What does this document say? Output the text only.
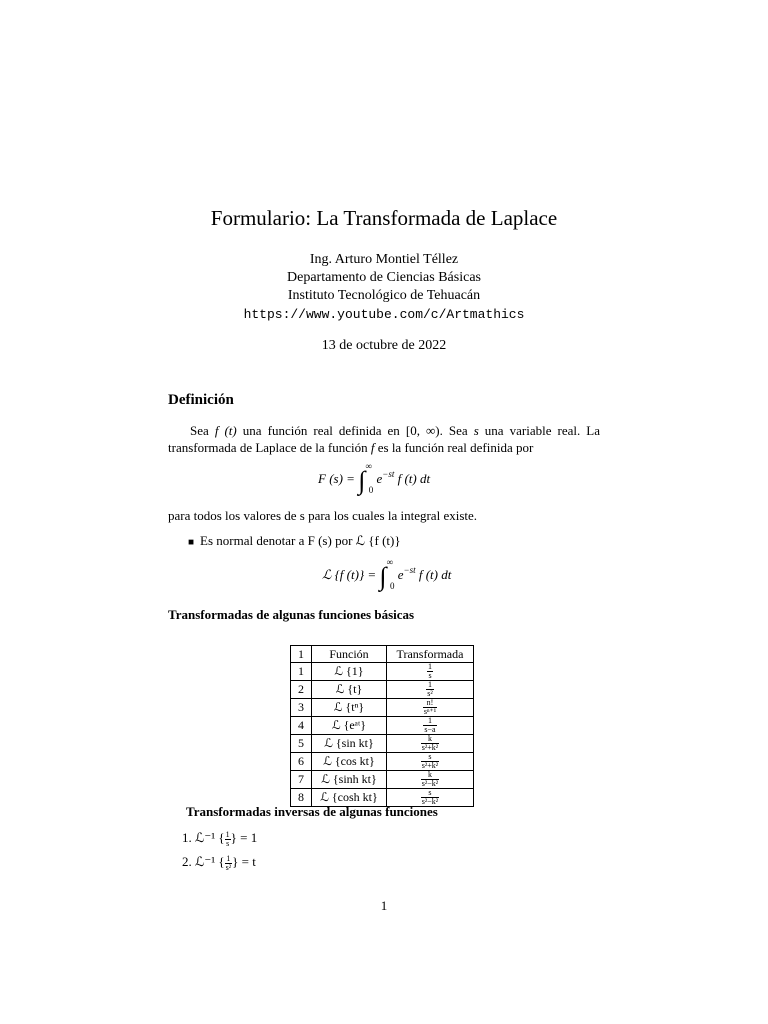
Formulario: La Transformada de Laplace
Ing. Arturo Montiel Téllez
Departamento de Ciencias Básicas
Instituto Tecnológico de Tehuacán
https://www.youtube.com/c/Artmathics
13 de octubre de 2022
Definición
Sea f (t) una función real definida en [0, ∞). Sea s una variable real. La transformada de Laplace de la función f es la función real definida por
F $(s) = \int^\infty_0$ $e^{-st}$ f (t) dt
para todos los valores de s para los cuales la integral existe.
■ Es normal denotar a F (s) por ℒ {f (t)}
ℒ {f $(t)\} = \int^\infty_0$ $e^{-st}$ f (t) dt
Transformadas de algunas funciones básicas
1	Función	Transformada
1	ℒ {1}	$\frac{1}{s}$

2	ℒ {t}	$\frac{1}{\text{s²}}$

3	ℒ {tⁿ}	$\frac{n!}{\text{sⁿ⁺¹}}$

4	ℒ {eᵃᵗ}	$\frac{1}{s-a}$

5	ℒ {sin kt}	$\frac{k}{\text{s²+k²}}$

6	ℒ {cos kt}	$\frac{s}{\text{s²+k²}}$

7	ℒ {sinh kt}	$\frac{k}{\text{s²−k²}}$

8	ℒ {cosh kt}	$\frac{s}{\text{s²−k²}}$
Transformadas inversas de algunas funciones
1. ℒ⁻¹ { $\frac{1}{s}$ } = 1
2. ℒ⁻¹ { $\frac{1}{\text{s²}}$ } = t
1
